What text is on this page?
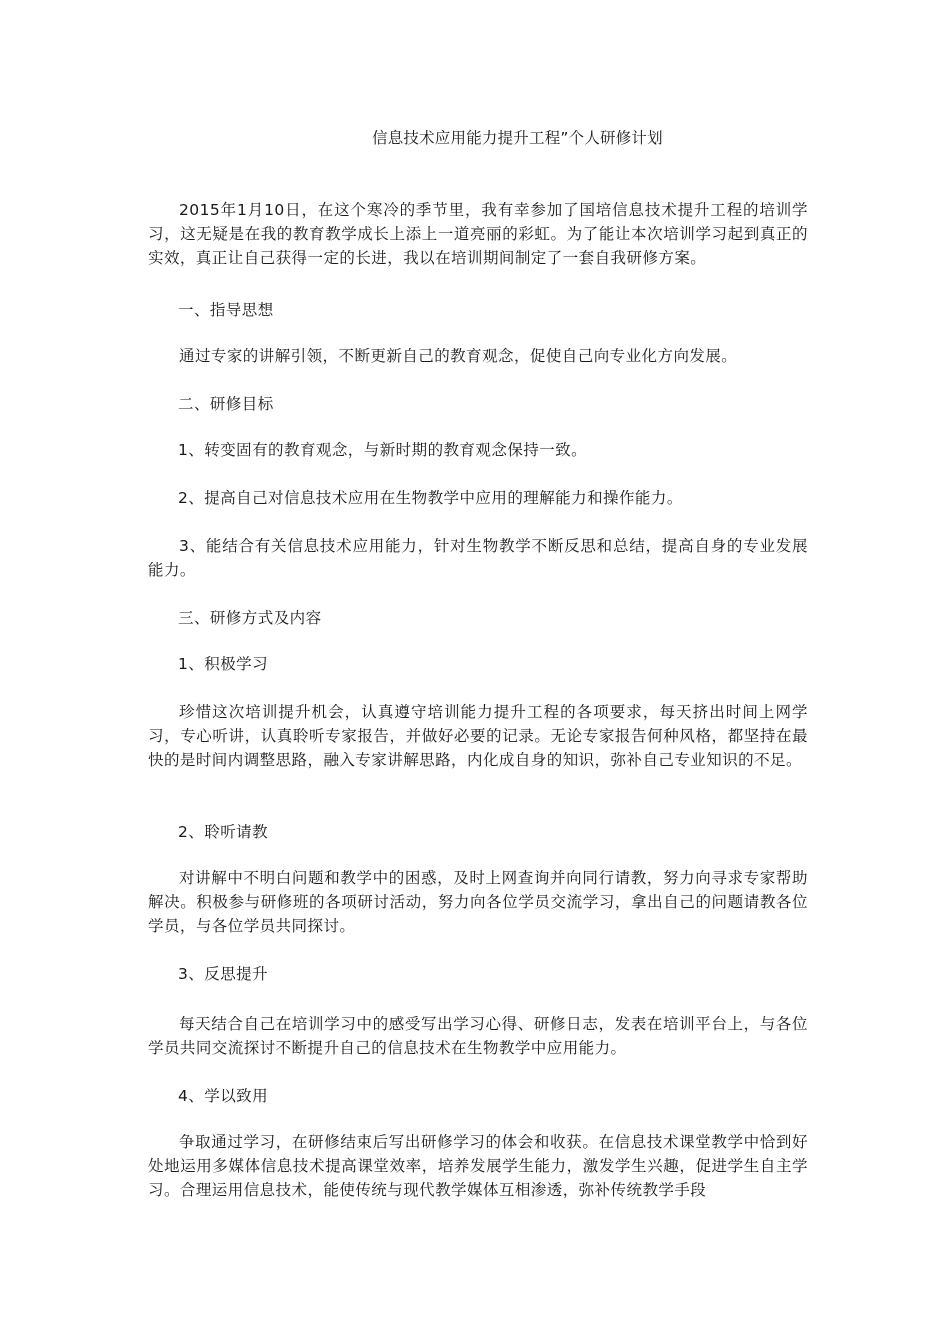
信息技术应用能力提升工程”个人研修计划

2015年1月10日，在这个寒冷的季节里，我有幸参加了国培信息技术提升工程的培训学习，这无疑是在我的教育教学成长上添上一道亮丽的彩虹。为了能让本次培训学习起到真正的实效，真正让自己获得一定的长进，我以在培训期间制定了一套自我研修方案。

一、指导思想

通过专家的讲解引领，不断更新自己的教育观念，促使自己向专业化方向发展。

二、研修目标

1、转变固有的教育观念，与新时期的教育观念保持一致。

2、提高自己对信息技术应用在生物教学中应用的理解能力和操作能力。

3、能结合有关信息技术应用能力，针对生物教学不断反思和总结，提高自身的专业发展能力。

三、研修方式及内容

1、积极学习

珍惜这次培训提升机会，认真遵守培训能力提升工程的各项要求，每天挤出时间上网学习，专心听讲，认真聆听专家报告，并做好必要的记录。无论专家报告何种风格，都坚持在最快的是时间内调整思路，融入专家讲解思路，内化成自身的知识，弥补自己专业知识的不足。

2、聆听请教

对讲解中不明白问题和教学中的困惑，及时上网查询并向同行请教，努力向寻求专家帮助解决。积极参与研修班的各项研讨活动，努力向各位学员交流学习，拿出自己的问题请教各位学员，与各位学员共同探讨。

3、反思提升

每天结合自己在培训学习中的感受写出学习心得、研修日志，发表在培训平台上，与各位学员共同交流探讨不断提升自己的信息技术在生物教学中应用能力。

4、学以致用

争取通过学习，在研修结束后写出研修学习的体会和收获。在信息技术课堂教学中恰到好处地运用多媒体信息技术提高课堂效率，培养发展学生能力，激发学生兴趣，促进学生自主学习。合理运用信息技术，能使传统与现代教学媒体互相渗透，弥补传统教学手段
